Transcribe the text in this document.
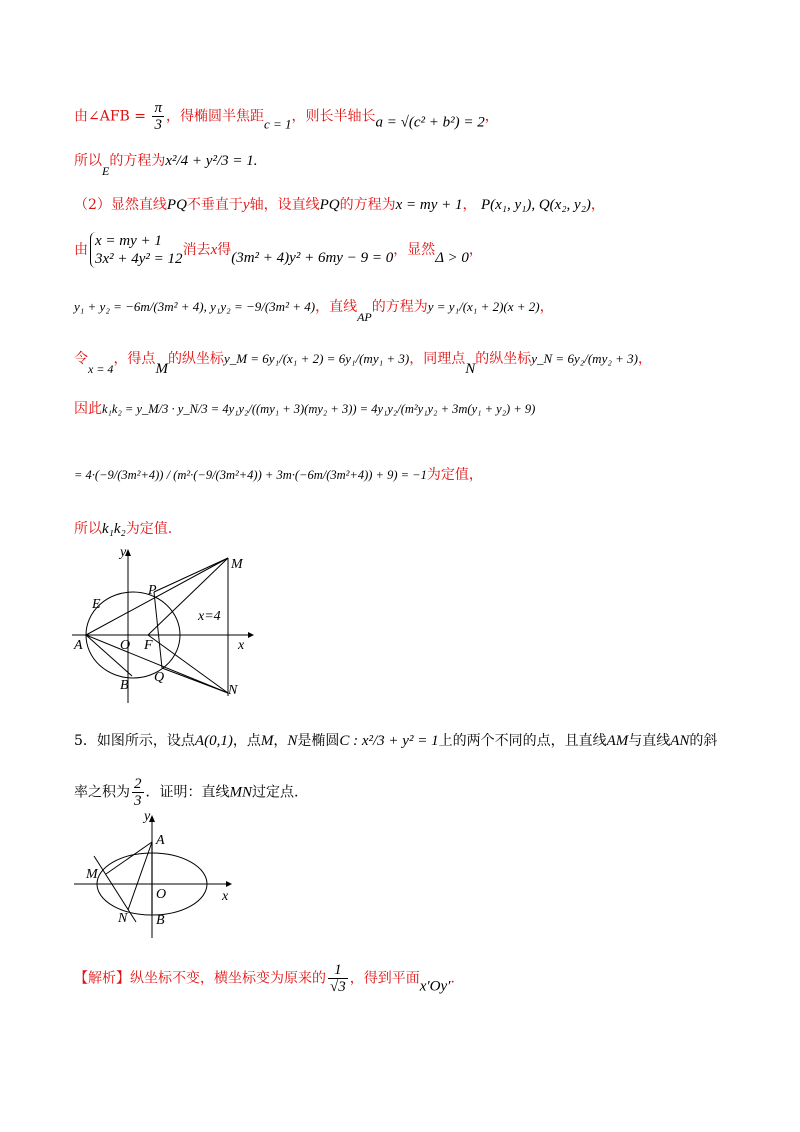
由∠AFB = $\frac{\pi}{3}$ ，得椭圆半焦距c = 1，则长半轴长a = √(c² + b²) = 2，
所以E的方程为x²/4 + y²/3 = 1.
（2）显然直线PQ不垂直于y轴，设直线PQ的方程为x = my + 1， P(x₁, y₁), Q(x₂, y₂)，
由
x = my + 1
3x² + 4y² = 12
消去x得(3m² + 4)y² + 6my − 9 = 0，显然Δ > 0，
y₁ + y₂ = −6m/(3m² + 4), y₁y₂ = −9/(3m² + 4)，直线AP的方程为y = y₁/(x₁ + 2)(x + 2)，
令x = 4，得点M的纵坐标y_M = 6y₁/(x₁ + 2) = 6y₁/(my₁ + 3)，同理点N的纵坐标y_N = 6y₂/(my₂ + 3)，
因此k₁k₂ = y_M/3 · y_N/3 = 4y₁y₂/((my₁ + 3)(my₂ + 3)) = 4y₁y₂/(m²y₁y₂ + 3m(y₁ + y₂) + 9)
= 4·(−9/(3m²+4)) / (m²·(−9/(3m²+4)) + 3m·(−6m/(3m²+4)) + 9) = −1为定值，
所以k₁k₂为定值.
y
M
P
E
x=4
A	O F	x
Q
B	N
5．如图所示，设点A(0,1)，点M，N是椭圆C : x²/3 + y² = 1上的两个不同的点，且直线AM与直线AN的斜
率之积为 $\frac{2}{3}$ ．证明：直线MN过定点.
y
A
M
O	x
N B
【解析】纵坐标不变，横坐标变为原来的 $\frac{1}{√3}$ ，得到平面x′Oy′.
